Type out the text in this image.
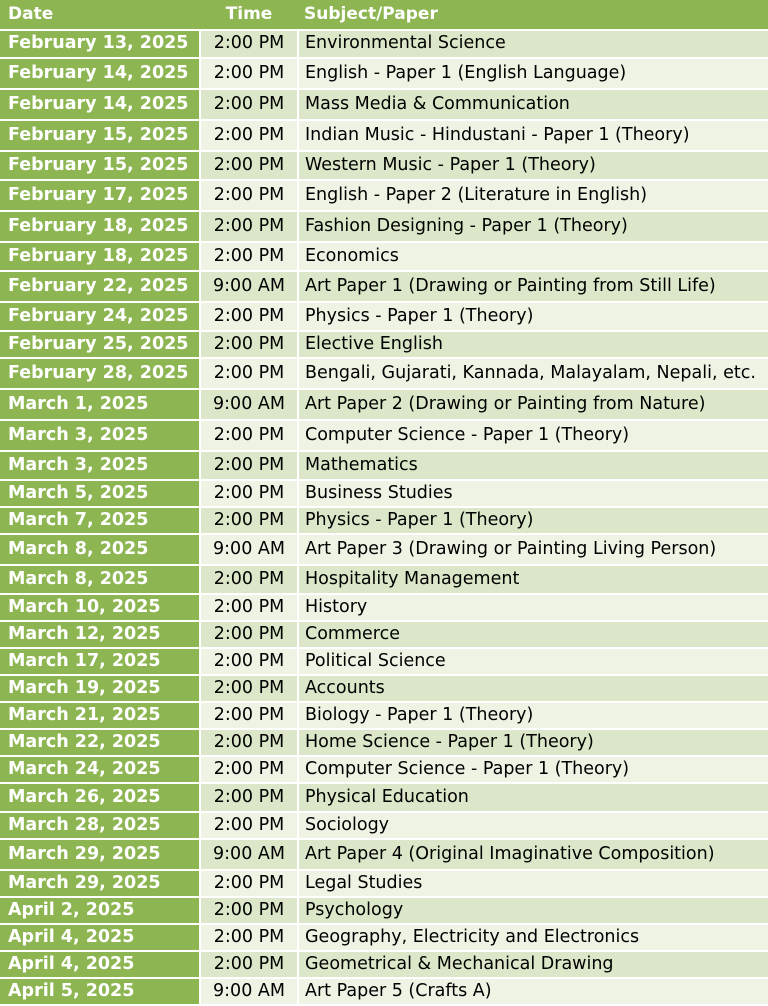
Date	Time	Subject/Paper
February 13, 2025	2:00 PM	Environmental Science
February 14, 2025	2:00 PM	English - Paper 1 (English Language)
February 14, 2025	2:00 PM	Mass Media & Communication
February 15, 2025	2:00 PM	Indian Music - Hindustani - Paper 1 (Theory)
February 15, 2025	2:00 PM	Western Music - Paper 1 (Theory)
February 17, 2025	2:00 PM	English - Paper 2 (Literature in English)
February 18, 2025	2:00 PM	Fashion Designing - Paper 1 (Theory)
February 18, 2025	2:00 PM	Economics
February 22, 2025	9:00 AM	Art Paper 1 (Drawing or Painting from Still Life)
February 24, 2025	2:00 PM	Physics - Paper 1 (Theory)
February 25, 2025	2:00 PM	Elective English
February 28, 2025	2:00 PM	Bengali, Gujarati, Kannada, Malayalam, Nepali, etc.
March 1, 2025	9:00 AM	Art Paper 2 (Drawing or Painting from Nature)
March 3, 2025	2:00 PM	Computer Science - Paper 1 (Theory)
March 3, 2025	2:00 PM	Mathematics
March 5, 2025	2:00 PM	Business Studies
March 7, 2025	2:00 PM	Physics - Paper 1 (Theory)
March 8, 2025	9:00 AM	Art Paper 3 (Drawing or Painting Living Person)
March 8, 2025	2:00 PM	Hospitality Management
March 10, 2025	2:00 PM	History
March 12, 2025	2:00 PM	Commerce
March 17, 2025	2:00 PM	Political Science
March 19, 2025	2:00 PM	Accounts
March 21, 2025	2:00 PM	Biology - Paper 1 (Theory)
March 22, 2025	2:00 PM	Home Science - Paper 1 (Theory)
March 24, 2025	2:00 PM	Computer Science - Paper 1 (Theory)
March 26, 2025	2:00 PM	Physical Education
March 28, 2025	2:00 PM	Sociology
March 29, 2025	9:00 AM	Art Paper 4 (Original Imaginative Composition)
March 29, 2025	2:00 PM	Legal Studies
April 2, 2025	2:00 PM	Psychology
April 4, 2025	2:00 PM	Geography, Electricity and Electronics
April 4, 2025	2:00 PM	Geometrical & Mechanical Drawing
April 5, 2025	9:00 AM	Art Paper 5 (Crafts A)
